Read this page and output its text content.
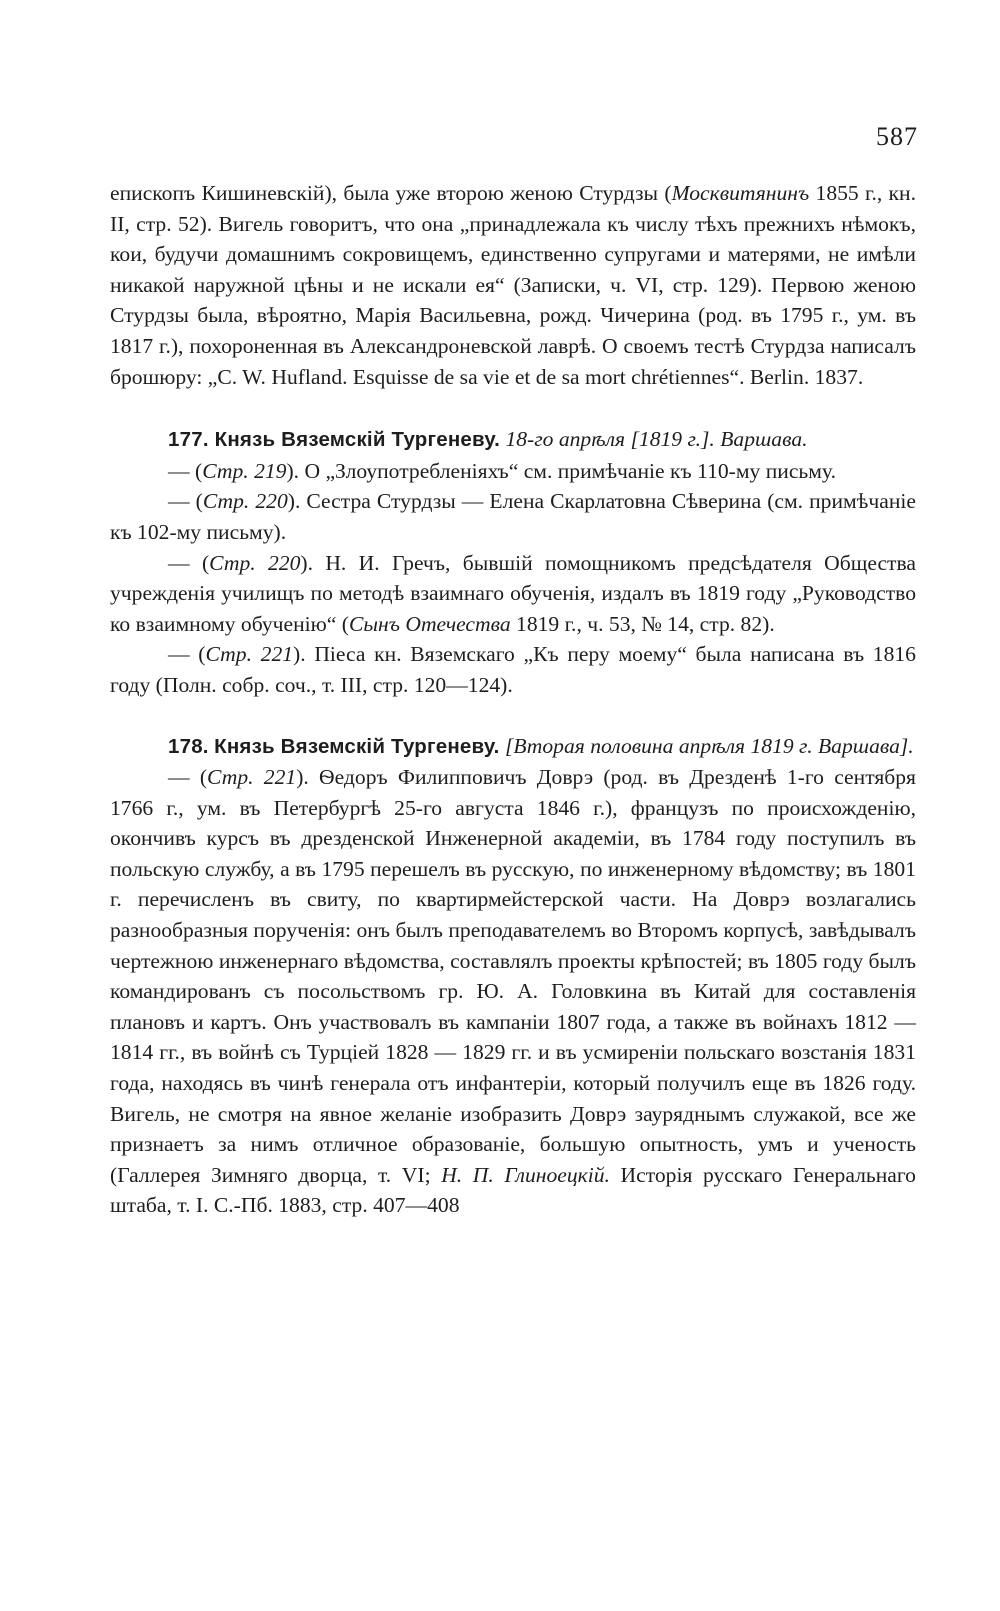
587

епископъ Кишиневскій), была уже второю женою Стурдзы (Москвитянинъ 1855 г., кн. II, стр. 52). Вигель говоритъ, что она „принадлежала къ числу тѣхъ прежнихъ нѣмокъ, кои, будучи домашнимъ сокровищемъ, единственно супругами и матерями, не имѣли никакой наружной цѣны и не искали ея“ (Записки, ч. VI, стр. 129). Первою женою Стурдзы была, вѣроятно, Марія Васильевна, рожд. Чичерина (род. въ 1795 г., ум. въ 1817 г.), похороненная въ Александроневской лаврѣ. О своемъ тестѣ Стурдза написалъ брошюру: „C. W. Hufland. Esquisse de sa vie et de sa mort chrétiennes“. Berlin. 1837.

177. Князь Вяземскій Тургеневу. 18-го апрѣля [1819 г.]. Варшава.

— (Стр. 219). О „Злоупотребленіяхъ“ см. примѣчаніе къ 110-му письму.

— (Стр. 220). Сестра Стурдзы — Елена Скарлатовна Сѣверина (см. примѣчаніе къ 102-му письму).

— (Стр. 220). Н. И. Гречъ, бывшій помощникомъ предсѣдателя Общества учрежденія училищъ по методѣ взаимнаго обученія, издалъ въ 1819 году „Руководство ко взаимному обученію“ (Сынъ Отечества 1819 г., ч. 53, № 14, стр. 82).

— (Стр. 221). Піеса кн. Вяземскаго „Къ перу моему“ была написана въ 1816 году (Полн. собр. соч., т. III, стр. 120—124).

178. Князь Вяземскій Тургеневу. [Вторая половина апрѣля 1819 г. Варшава].

— (Стр. 221). Ѳедоръ Филипповичъ Доврэ (род. въ Дрезденѣ 1-го сентября 1766 г., ум. въ Петербургѣ 25-го августа 1846 г.), французъ по происхожденію, окончивъ курсъ въ дрезденской Инженерной академіи, въ 1784 году поступилъ въ польскую службу, а въ 1795 перешелъ въ русскую, по инженерному вѣдомству; въ 1801 г. перечисленъ въ свиту, по квартирмейстерской части. На Доврэ возлагались разнообразныя порученія: онъ былъ преподавателемъ во Второмъ корпусѣ, завѣдывалъ чертежною инженернаго вѣдомства, составлялъ проекты крѣпостей; въ 1805 году былъ командированъ съ посольствомъ гр. Ю. А. Головкина въ Китай для составленія плановъ и картъ. Онъ участвовалъ въ кампаніи 1807 года, а также въ войнахъ 1812 — 1814 гг., въ войнѣ съ Турціей 1828 — 1829 гг. и въ усмиреніи польскаго возстанія 1831 года, находясь въ чинѣ генерала отъ инфантеріи, который получилъ еще въ 1826 году. Вигель, не смотря на явное желаніе изобразить Доврэ зауряднымъ служакой, все же признаетъ за нимъ отличное образованіе, большую опытность, умъ и ученость (Галлерея Зимняго дворца, т. VI; Н. П. Глиноецкій. Исторія русскаго Генеральнаго штаба, т. I. С.-Пб. 1883, стр. 407—408
